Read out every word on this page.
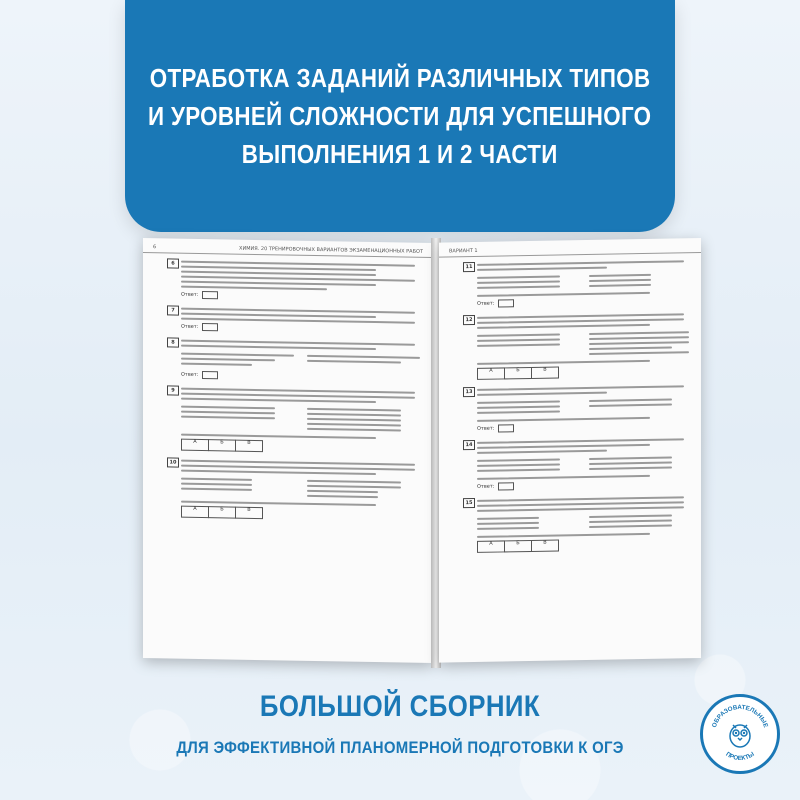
ОТРАБОТКА ЗАДАНИЙ РАЗЛИЧНЫХ ТИПОВ
И УРОВНЕЙ СЛОЖНОСТИ ДЛЯ УСПЕШНОГО
ВЫПОЛНЕНИЯ 1 И 2 ЧАСТИ
6	ХИМИЯ. 20 ТРЕНИРОВОЧНЫХ ВАРИАНТОВ ЭКЗАМЕНАЦИОННЫХ РАБОТ
6
Ответ:
7
Ответ:
8
Ответ:
9
А	Б	В
10
А	Б	В
ВАРИАНТ 1
11
Ответ:
12
А	Б	В
13
Ответ:
14
Ответ:
15
А	Б	В
БОЛЬШОЙ СБОРНИК
ДЛЯ ЭФФЕКТИВНОЙ ПЛАНОМЕРНОЙ ПОДГОТОВКИ К ОГЭ
ОБРАЗОВАТЕЛЬНЫЕ
ПРОЕКТЫ
